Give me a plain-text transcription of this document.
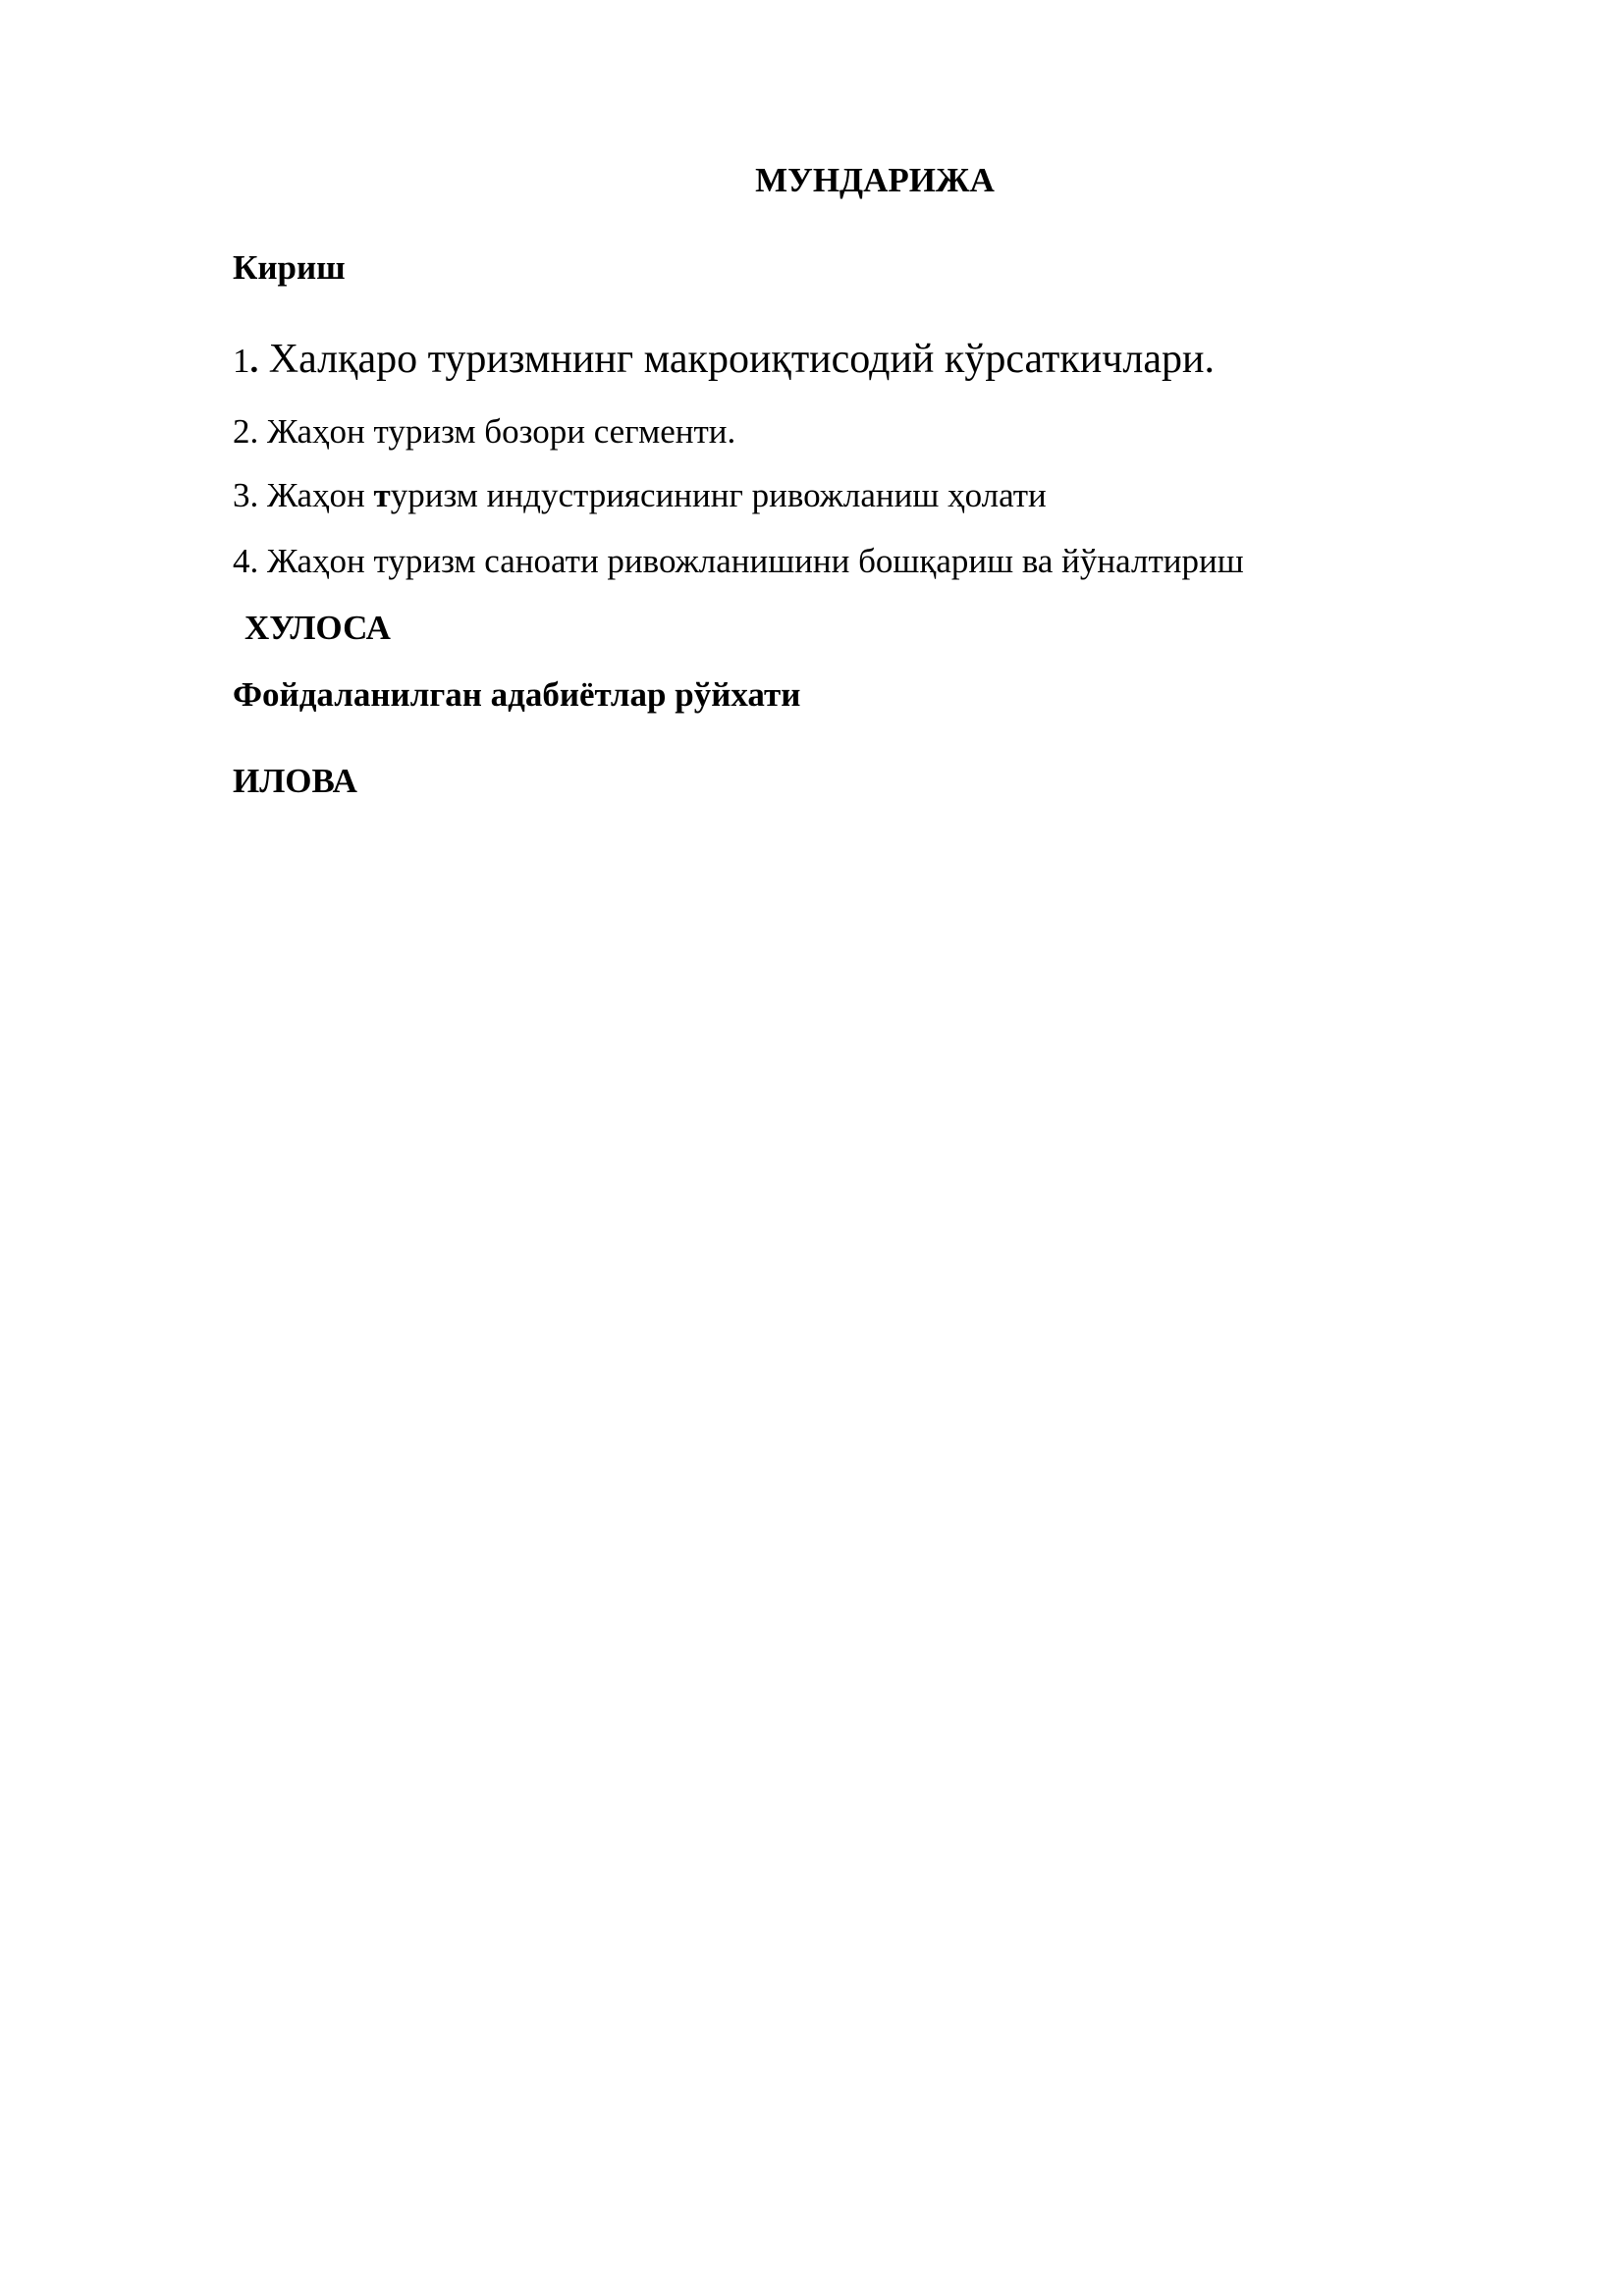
МУНДАРИЖА
Кириш
1. Халқаро туризмнинг макроиқтисодий кўрсаткичлари.
2. Жаҳон туризм бозори сегменти.
3. Жаҳон туризм индустриясининг ривожланиш ҳолати
4. Жаҳон туризм саноати ривожланишини бошқариш ва йўналтириш
ХУЛОСА
Фойдаланилган адабиётлар рўйхати
ИЛОВА
